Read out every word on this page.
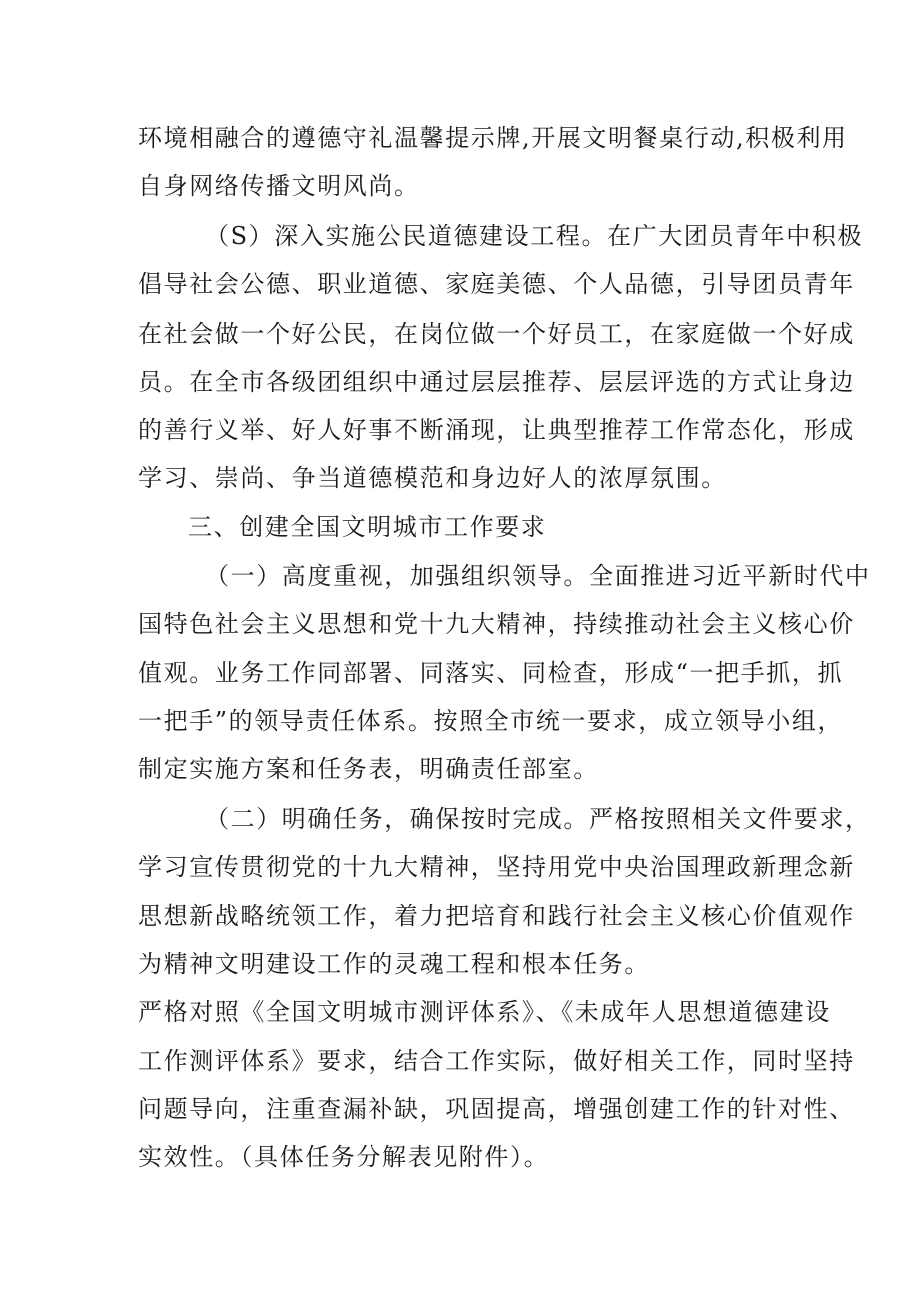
环境相融合的遵德守礼温馨提示牌,开展文明餐桌行动,积极利用
自身网络传播文明风尚。
（S）深入实施公民道德建设工程。在广大团员青年中积极
倡导社会公德、职业道德、家庭美德、个人品德，引导团员青年
在社会做一个好公民，在岗位做一个好员工，在家庭做一个好成
员。在全市各级团组织中通过层层推荐、层层评选的方式让身边
的善行义举、好人好事不断涌现，让典型推荐工作常态化，形成
学习、崇尚、争当道德模范和身边好人的浓厚氛围。
三、创建全国文明城市工作要求
（一）高度重视，加强组织领导。全面推进习近平新时代中
国特色社会主义思想和党十九大精神，持续推动社会主义核心价
值观。业务工作同部署、同落实、同检查，形成“一把手抓，抓
一把手”的领导责任体系。按照全市统一要求，成立领导小组，
制定实施方案和任务表，明确责任部室。
（二）明确任务，确保按时完成。严格按照相关文件要求，
学习宣传贯彻党的十九大精神，坚持用党中央治国理政新理念新
思想新战略统领工作，着力把培育和践行社会主义核心价值观作
为精神文明建设工作的灵魂工程和根本任务。
严格对照《全国文明城市测评体系》、《未成年人思想道德建设
工作测评体系》要求，结合工作实际，做好相关工作，同时坚持
问题导向，注重查漏补缺，巩固提高，增强创建工作的针对性、
实效性。（具体任务分解表见附件）。
